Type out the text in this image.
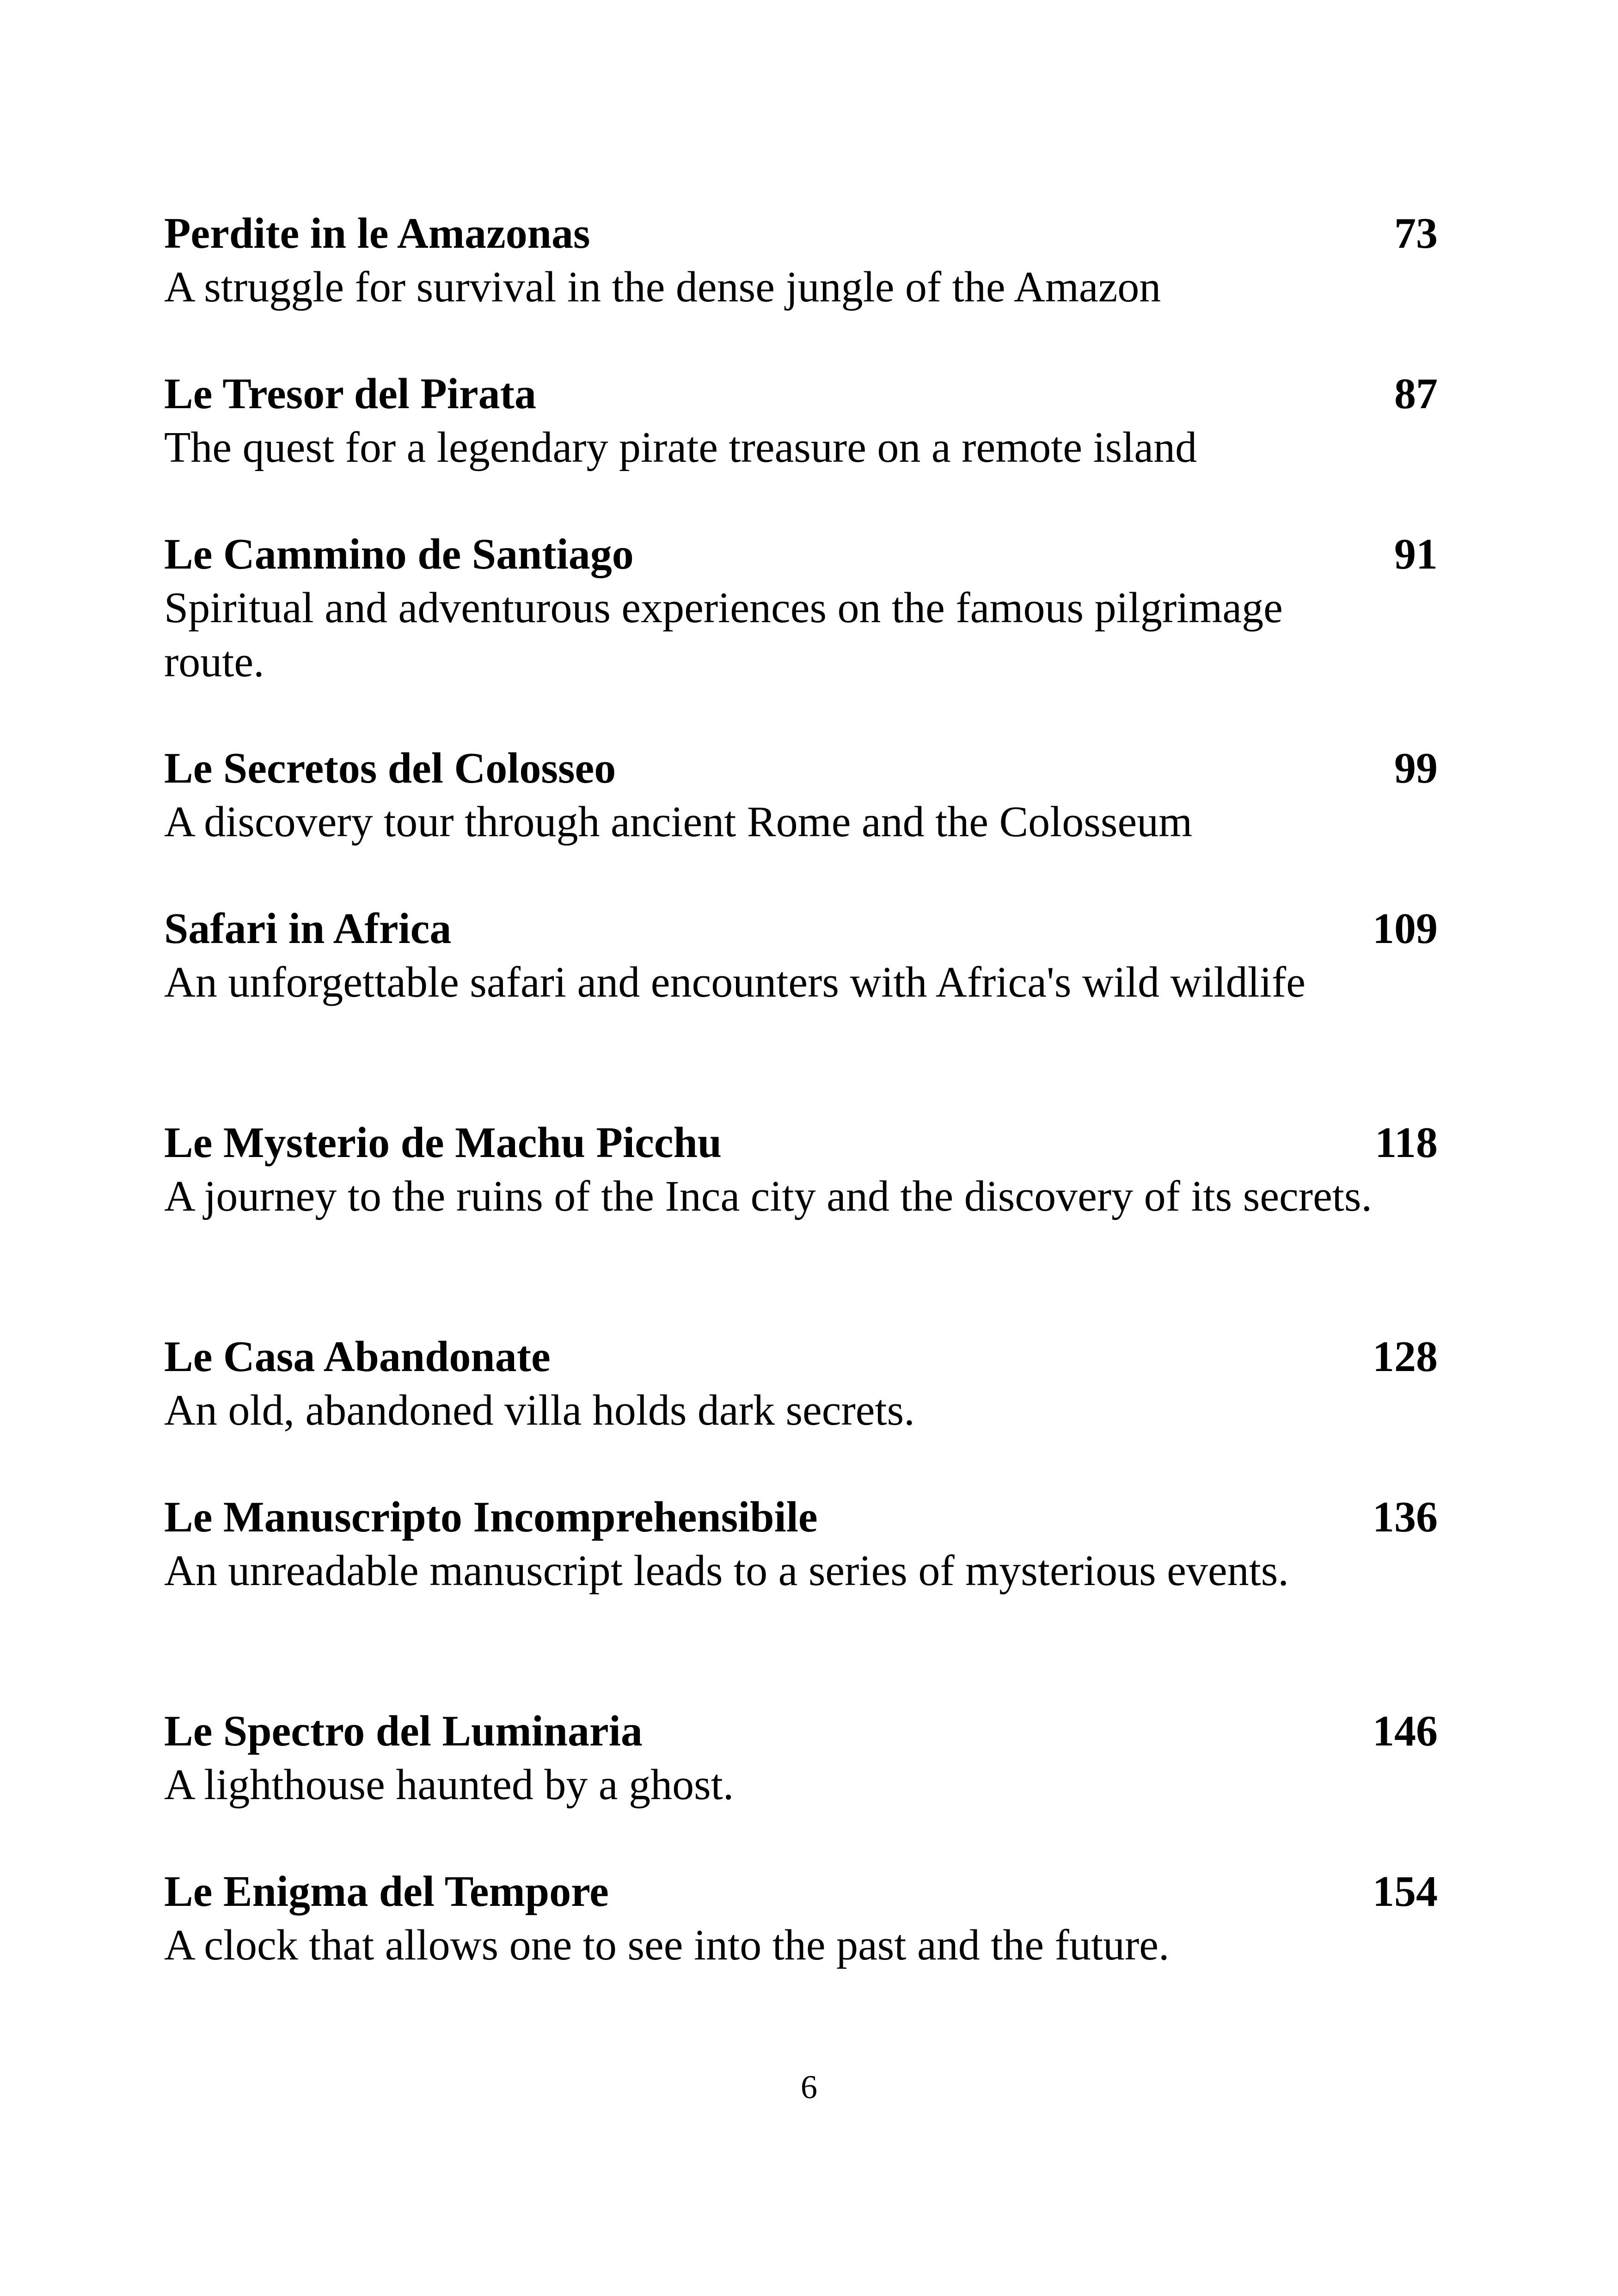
Perdite in le Amazonas	73
A struggle for survival in the dense jungle of the Amazon
Le Tresor del Pirata	87
The quest for a legendary pirate treasure on a remote island
Le Cammino de Santiago	91
Spiritual and adventurous experiences on the famous pilgrimage route.
Le Secretos del Colosseo	99
A discovery tour through ancient Rome and the Colosseum
Safari in Africa	109
An unforgettable safari and encounters with Africa's wild wildlife
Le Mysterio de Machu Picchu	118
A journey to the ruins of the Inca city and the discovery of its secrets.
Le Casa Abandonate	128
An old, abandoned villa holds dark secrets.
Le Manuscripto Incomprehensibile	136
An unreadable manuscript leads to a series of mysterious events.
Le Spectro del Luminaria	146
A lighthouse haunted by a ghost.
Le Enigma del Tempore	154
A clock that allows one to see into the past and the future.
6
